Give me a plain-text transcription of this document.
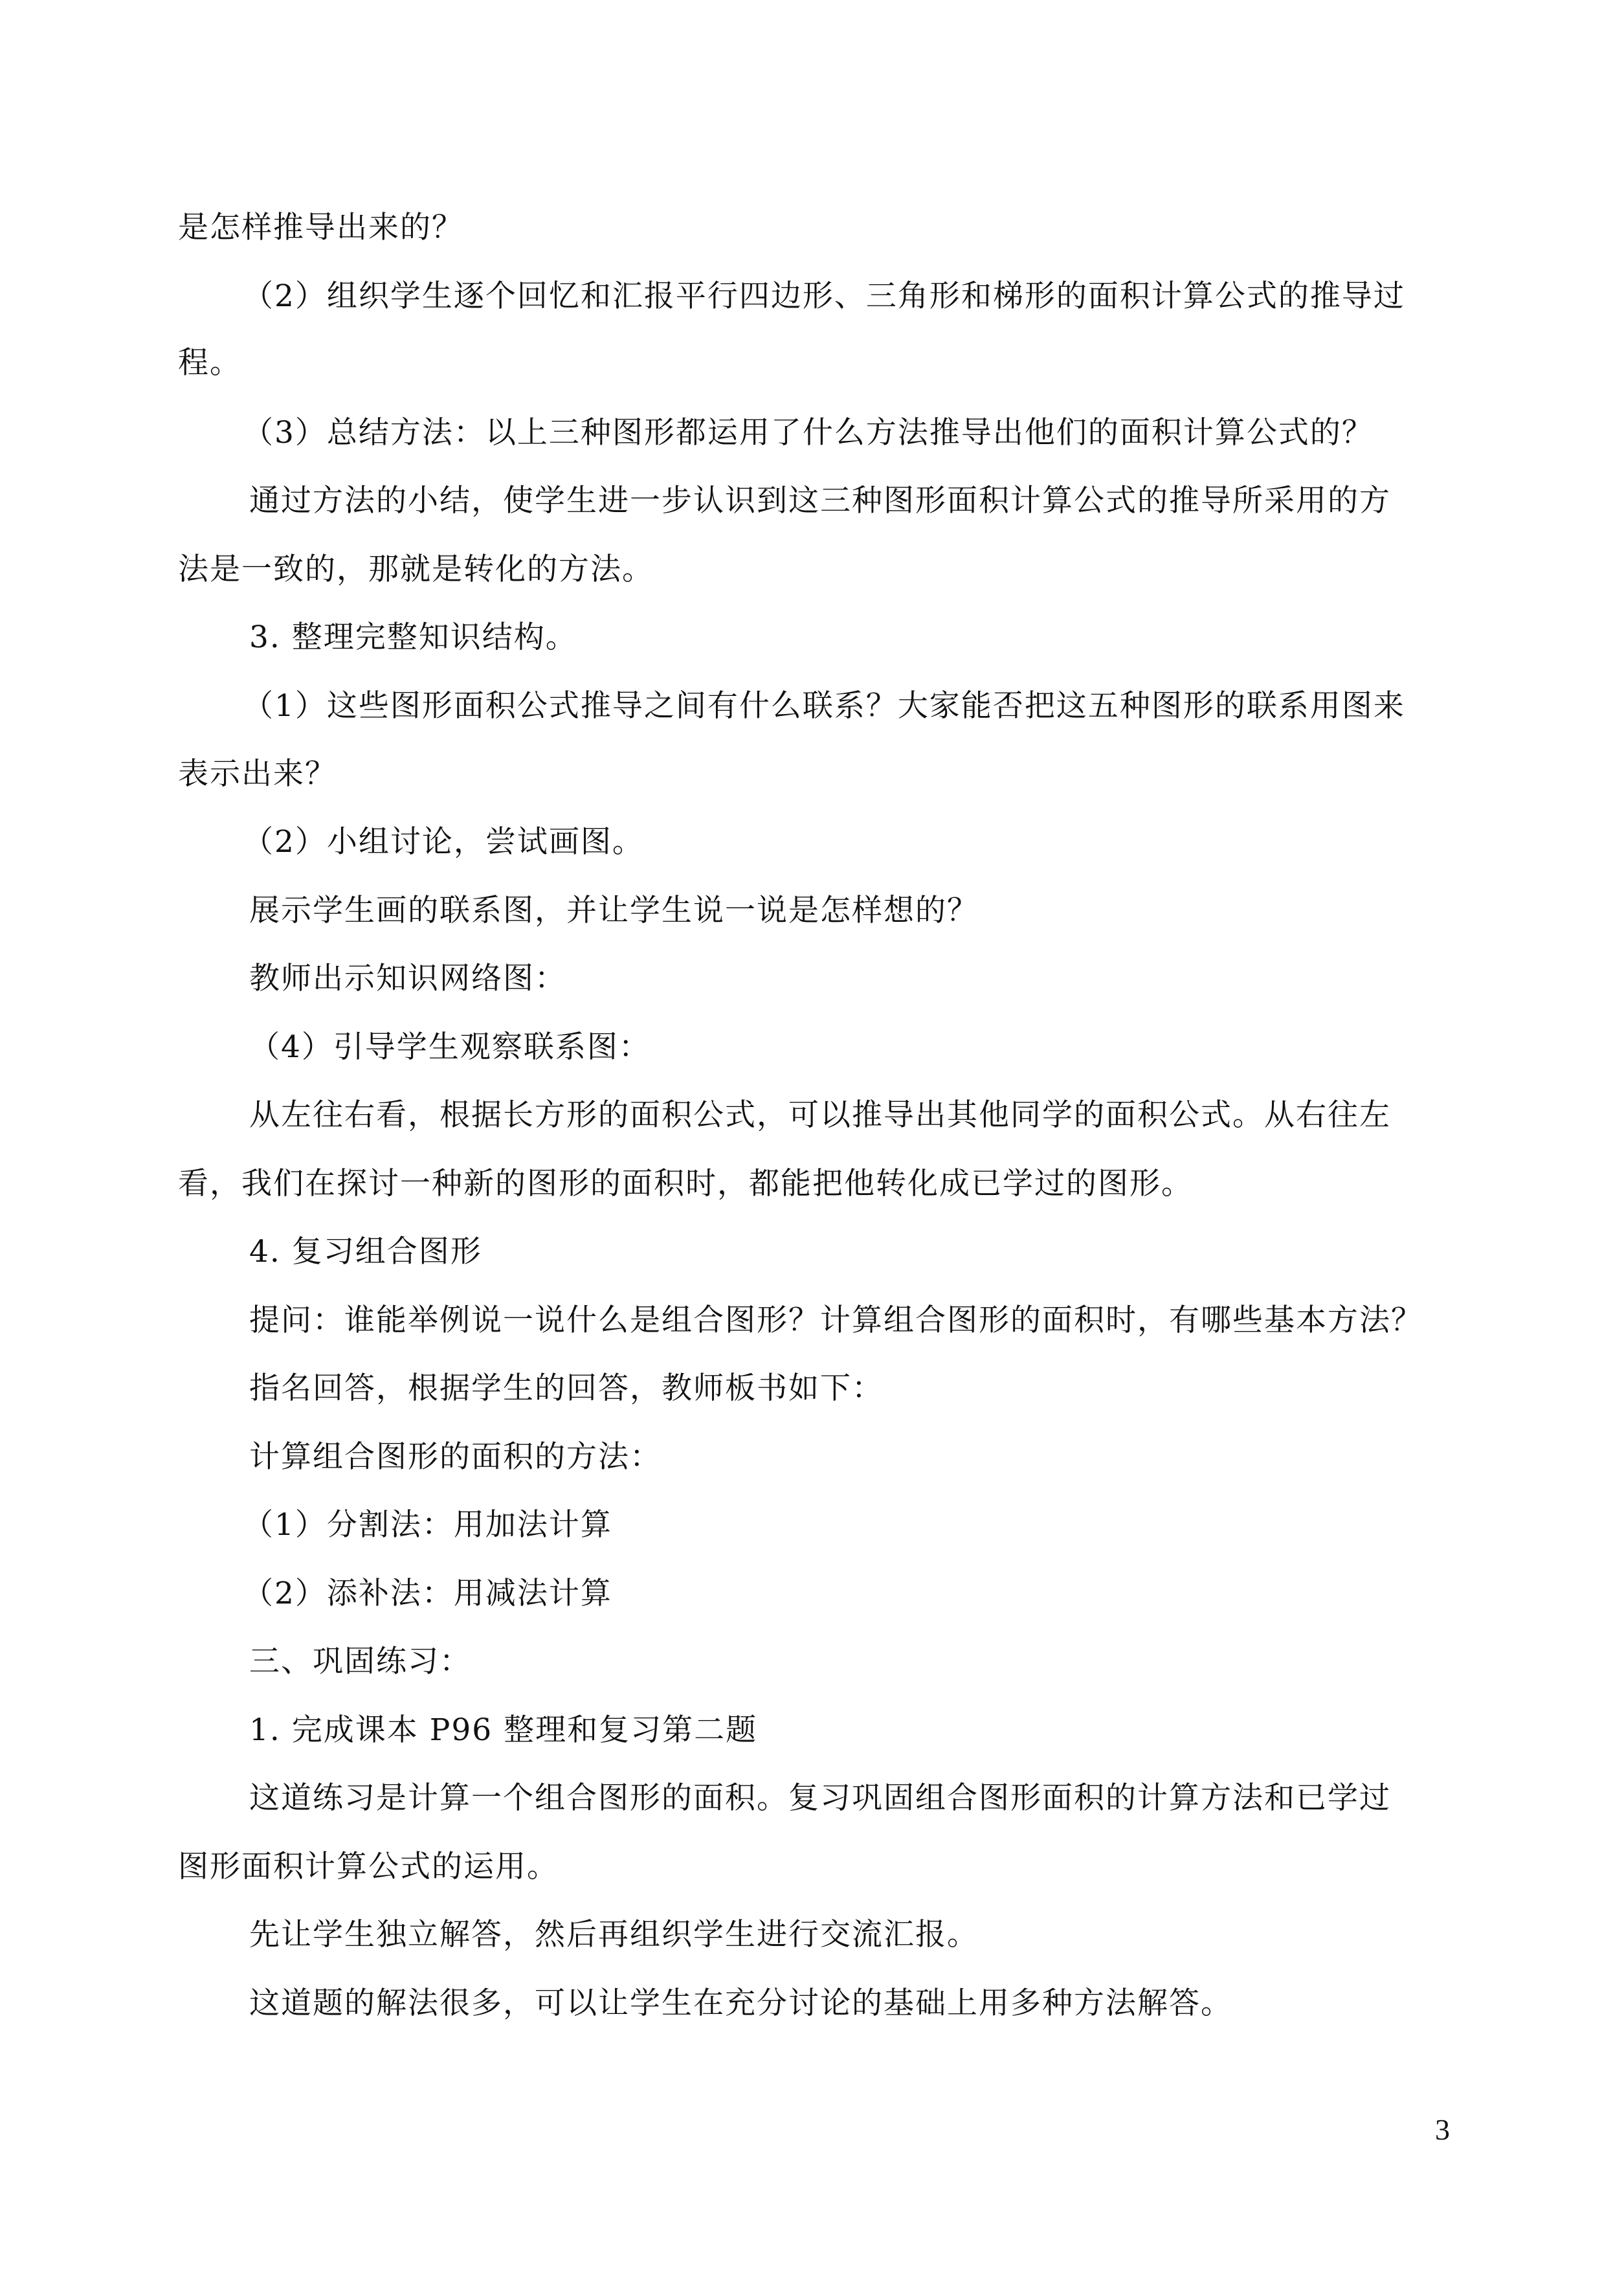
是怎样推导出来的？

（2）组织学生逐个回忆和汇报平行四边形、三角形和梯形的面积计算公式的推导过

程。

（3）总结方法：以上三种图形都运用了什么方法推导出他们的面积计算公式的？

通过方法的小结，使学生进一步认识到这三种图形面积计算公式的推导所采用的方

法是一致的，那就是转化的方法。

3. 整理完整知识结构。

（1）这些图形面积公式推导之间有什么联系？大家能否把这五种图形的联系用图来

表示出来？

（2）小组讨论，尝试画图。

展示学生画的联系图，并让学生说一说是怎样想的？

教师出示知识网络图：

（4）引导学生观察联系图：

从左往右看，根据长方形的面积公式，可以推导出其他同学的面积公式。从右往左

看，我们在探讨一种新的图形的面积时，都能把他转化成已学过的图形。

4. 复习组合图形

提问：谁能举例说一说什么是组合图形？计算组合图形的面积时，有哪些基本方法？

指名回答，根据学生的回答，教师板书如下：

计算组合图形的面积的方法：

（1）分割法：用加法计算

（2）添补法：用减法计算

三、巩固练习：

1. 完成课本 P96 整理和复习第二题

这道练习是计算一个组合图形的面积。复习巩固组合图形面积的计算方法和已学过

图形面积计算公式的运用。

先让学生独立解答，然后再组织学生进行交流汇报。

这道题的解法很多，可以让学生在充分讨论的基础上用多种方法解答。

3
